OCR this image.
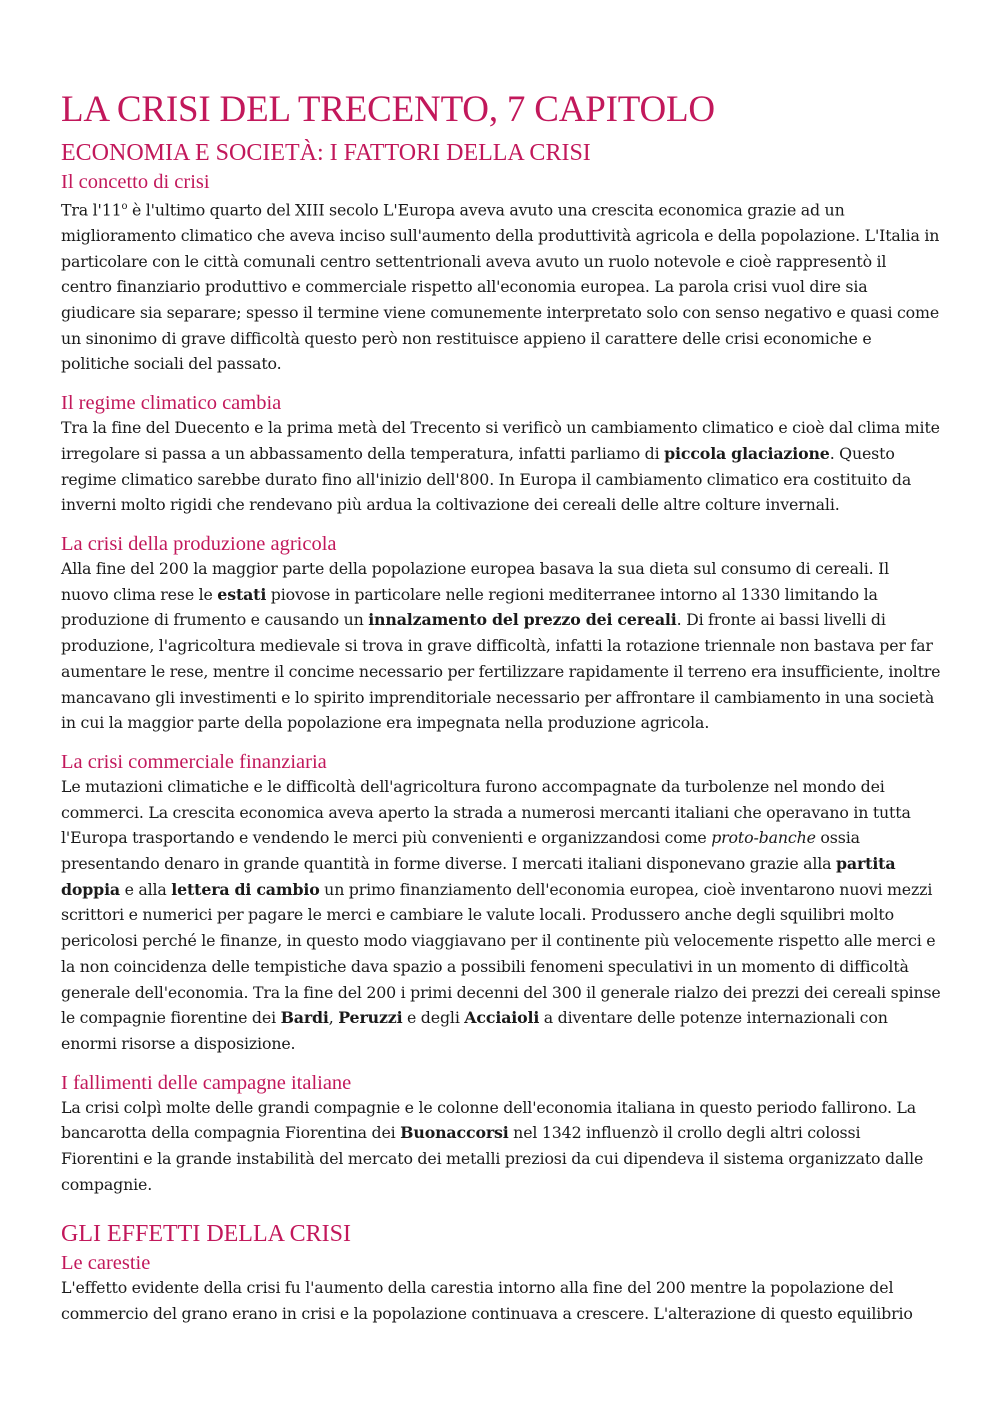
LA CRISI DEL TRECENTO, 7 CAPITOLO
ECONOMIA E SOCIETÀ: I FATTORI DELLA CRISI
Il concetto di crisi

Tra l'11$^o$ è l'ultimo quarto del XIII secolo L'Europa aveva avuto una crescita economica grazie ad un miglioramento climatico che aveva inciso sull'aumento della produttività agricola e della popolazione. L'Italia in particolare con le città comunali centro settentrionali aveva avuto un ruolo notevole e cioè rappresentò il centro finanziario produttivo e commerciale rispetto all'economia europea. La parola crisi vuol dire sia giudicare sia separare; spesso il termine viene comunemente interpretato solo con senso negativo e quasi come un sinonimo di grave difficoltà questo però non restituisce appieno il carattere delle crisi economiche e politiche sociali del passato.

Il regime climatico cambia

Tra la fine del Duecento e la prima metà del Trecento si verificò un cambiamento climatico e cioè dal clima mite irregolare si passa a un abbassamento della temperatura, infatti parliamo di piccola glaciazione. Questo regime climatico sarebbe durato fino all'inizio dell'800. In Europa il cambiamento climatico era costituito da inverni molto rigidi che rendevano più ardua la coltivazione dei cereali delle altre colture invernali.

La crisi della produzione agricola

Alla fine del 200 la maggior parte della popolazione europea basava la sua dieta sul consumo di cereali. Il nuovo clima rese le estati piovose in particolare nelle regioni mediterranee intorno al 1330 limitando la produzione di frumento e causando un innalzamento del prezzo dei cereali. Di fronte ai bassi livelli di produzione, l'agricoltura medievale si trova in grave difficoltà, infatti la rotazione triennale non bastava per far aumentare le rese, mentre il concime necessario per fertilizzare rapidamente il terreno era insufficiente, inoltre mancavano gli investimenti e lo spirito imprenditoriale necessario per affrontare il cambiamento in una società in cui la maggior parte della popolazione era impegnata nella produzione agricola.

La crisi commerciale finanziaria

Le mutazioni climatiche e le difficoltà dell'agricoltura furono accompagnate da turbolenze nel mondo dei commerci. La crescita economica aveva aperto la strada a numerosi mercanti italiani che operavano in tutta l'Europa trasportando e vendendo le merci più convenienti e organizzandosi come proto-banche ossia presentando denaro in grande quantità in forme diverse. I mercati italiani disponevano grazie alla partita doppia e alla lettera di cambio un primo finanziamento dell'economia europea, cioè inventarono nuovi mezzi scrittori e numerici per pagare le merci e cambiare le valute locali. Produssero anche degli squilibri molto pericolosi perché le finanze, in questo modo viaggiavano per il continente più velocemente rispetto alle merci e la non coincidenza delle tempistiche dava spazio a possibili fenomeni speculativi in un momento di difficoltà generale dell'economia. Tra la fine del 200 i primi decenni del 300 il generale rialzo dei prezzi dei cereali spinse le compagnie fiorentine dei Bardi, Peruzzi e degli Acciaioli a diventare delle potenze internazionali con enormi risorse a disposizione.

I fallimenti delle campagne italiane

La crisi colpì molte delle grandi compagnie e le colonne dell'economia italiana in questo periodo fallirono. La bancarotta della compagnia Fiorentina dei Buonaccorsi nel 1342 influenzò il crollo degli altri colossi Fiorentini e la grande instabilità del mercato dei metalli preziosi da cui dipendeva il sistema organizzato dalle compagnie.

GLI EFFETTI DELLA CRISI
Le carestie

L'effetto evidente della crisi fu l'aumento della carestia intorno alla fine del 200 mentre la popolazione del commercio del grano erano in crisi e la popolazione continuava a crescere. L'alterazione di questo equilibrio
